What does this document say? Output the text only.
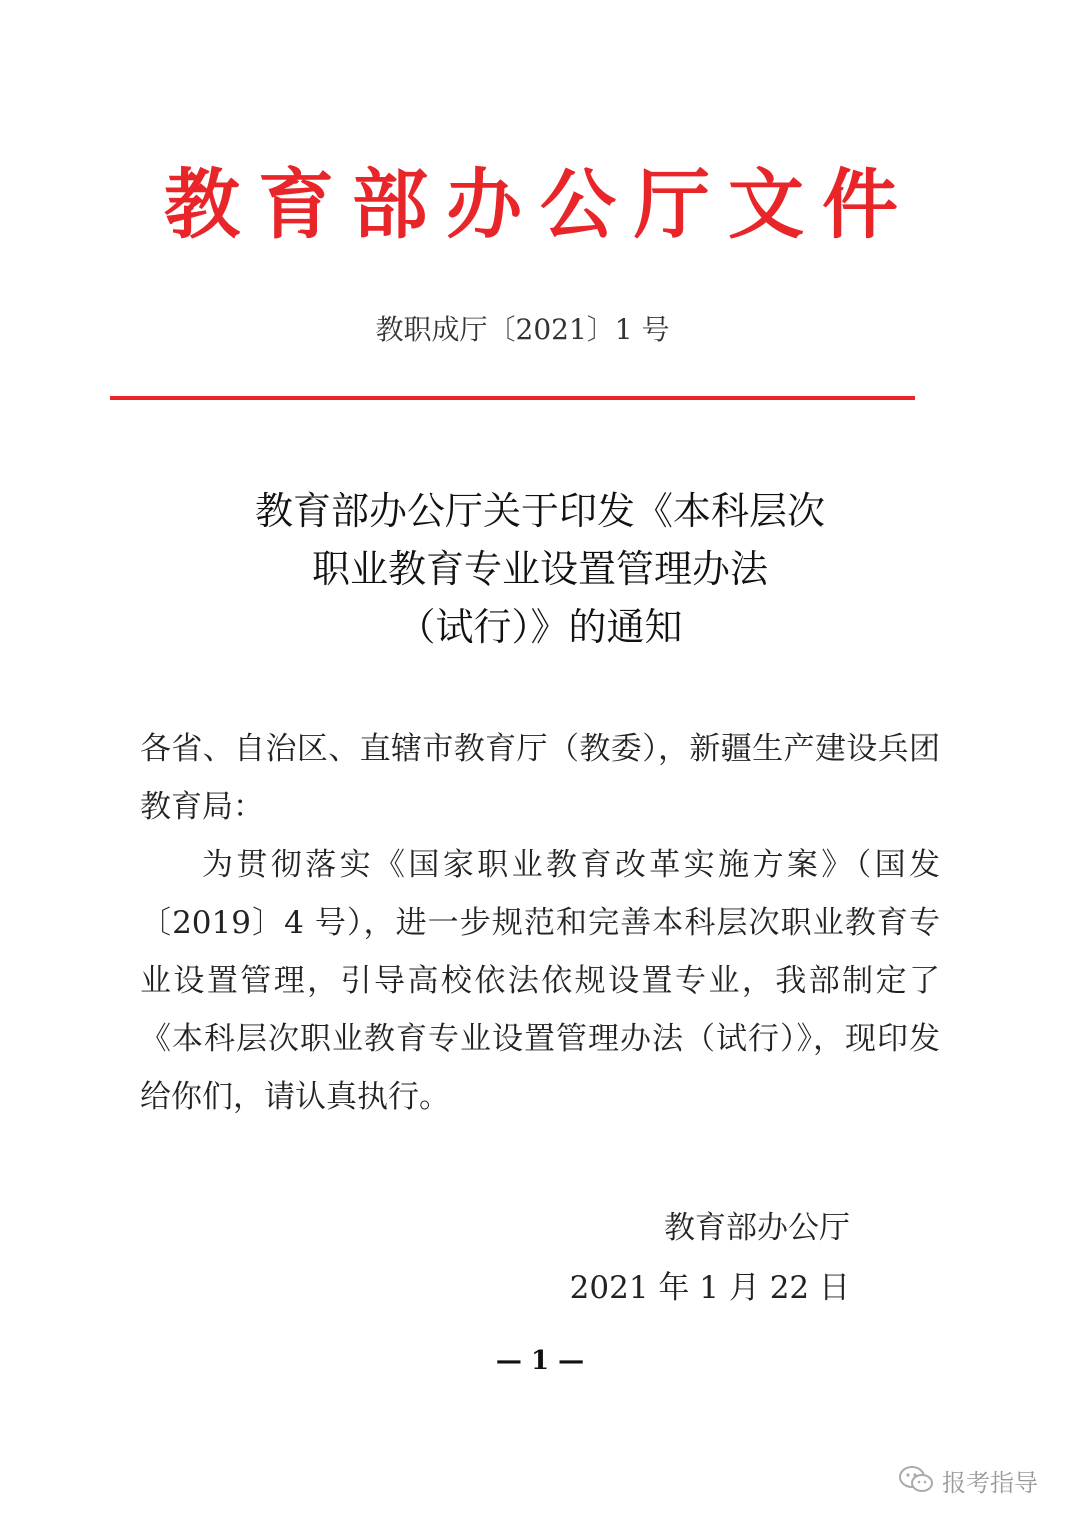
教育部办公厅文件
教职成厅〔2021〕1 号
教育部办公厅关于印发《本科层次
职业教育专业设置管理办法
（试行）》的通知

各省、自治区、直辖市教育厅（教委），新疆生产建设兵团教育局：

为贯彻落实《国家职业教育改革实施方案》（国发〔2019〕4 号），进一步规范和完善本科层次职业教育专业设置管理，引导高校依法依规设置专业，我部制定了《本科层次职业教育专业设置管理办法（试行）》，现印发给你们，请认真执行。

教育部办公厅
2021 年 1 月 22 日
— 1 —
报考指导
